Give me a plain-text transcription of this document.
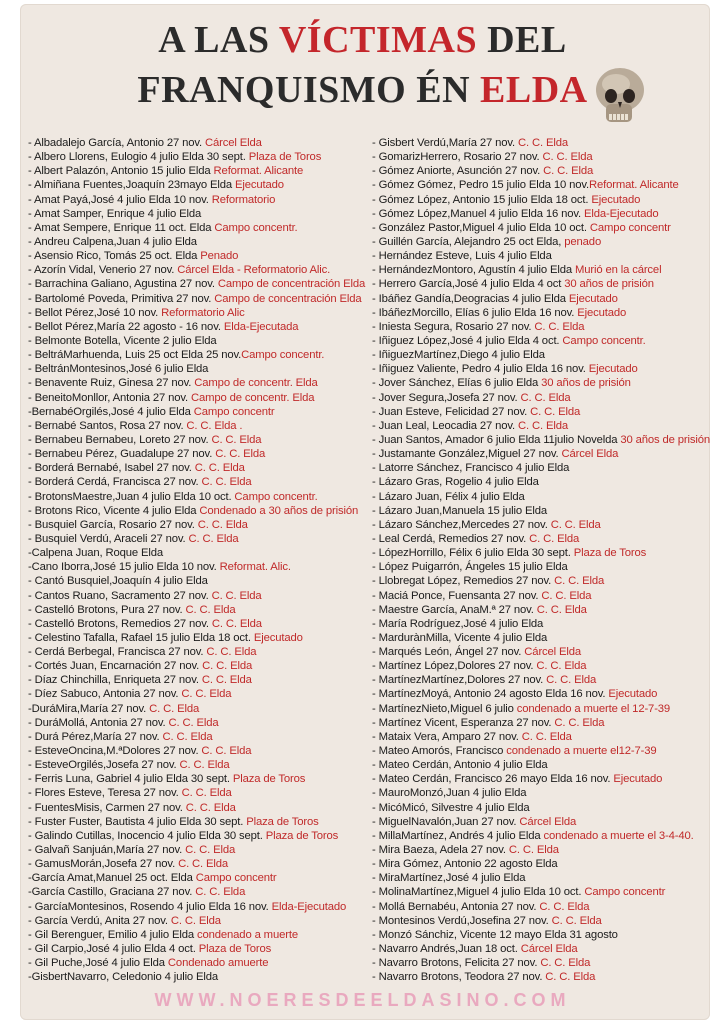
A LAS VÍCTIMAS DEL
FRANQUISMO ÉN ELDA
- Albadalejo García, Antonio 27 nov. Cárcel Elda
- Albero Llorens, Eulogio 4 julio Elda 30 sept. Plaza de Toros
- Albert Palazón, Antonio 15 julio Elda Reformat. Alicante
- Almiñana Fuentes,Joaquín 23mayo Elda Ejecutado
- Amat Payá,José 4 julio Elda 10 nov. Reformatorio
- Amat Samper, Enrique 4 julio Elda
- Amat Sempere, Enrique 11 oct. Elda Campo concentr.
- Andreu Calpena,Juan 4 julio Elda
- Asensio Rico, Tomás 25 oct. Elda Penado
- Azorín Vidal, Venerio 27 nov. Cárcel Elda - Reformatorio Alic.
- Barrachina Galiano, Agustina 27 nov. Campo de concentración Elda
- Bartolomé Poveda, Primitiva 27 nov. Campo de concentración Elda
- Bellot Pérez,José 10 nov. Reformatorio Alic
- Bellot Pérez,María 22 agosto - 16 nov. Elda-Ejecutada
- Belmonte Botella, Vicente 2 julio Elda
- BeltráMarhuenda, Luis 25 oct Elda 25 nov.Campo concentr.
- BeltránMontesinos,José 6 julio Elda
- Benavente Ruiz, Ginesa 27 nov. Campo de concentr. Elda
- BeneitoMonllor, Antonia 27 nov. Campo de concentr. Elda
-BernabéOrgilés,José 4 julio Elda Campo concentr
- Bernabé Santos, Rosa 27 nov. C. C. Elda .
- Bernabeu Bernabeu, Loreto 27 nov. C. C. Elda
- Bernabeu Pérez, Guadalupe 27 nov. C. C. Elda
- Borderá Bernabé, Isabel 27 nov. C. C. Elda
- Borderá Cerdá, Francisca 27 nov. C. C. Elda
- BrotonsMaestre,Juan 4 julio Elda 10 oct. Campo concentr.
- Brotons Rico, Vicente 4 julio Elda Condenado a 30 años de prisión
- Busquiel García, Rosario 27 nov. C. C. Elda
- Busquiel Verdú, Araceli 27 nov. C. C. Elda
-Calpena Juan, Roque Elda
-Cano Iborra,José 15 julio Elda 10 nov. Reformat. Alic.
- Cantó Busquiel,Joaquín 4 julio Elda
- Cantos Ruano, Sacramento 27 nov. C. C. Elda
- Castelló Brotons, Pura 27 nov. C. C. Elda
- Castelló Brotons, Remedios 27 nov. C. C. Elda
- Celestino Tafalla, Rafael 15 julio Elda 18 oct. Ejecutado
- Cerdá Berbegal, Francisca 27 nov. C. C. Elda
- Cortés Juan, Encarnación 27 nov. C. C. Elda
- Díaz Chinchilla, Enriqueta 27 nov. C. C. Elda
- Díez Sabuco, Antonia 27 nov. C. C. Elda
-DuráMira,María 27 nov. C. C. Elda
- DuráMollá, Antonia 27 nov. C. C. Elda
- Durá Pérez,María 27 nov. C. C. Elda
- EsteveOncina,M.ªDolores 27 nov. C. C. Elda
- EsteveOrgilés,Josefa 27 nov. C. C. Elda
- Ferris Luna, Gabriel 4 julio Elda 30 sept. Plaza de Toros
- Flores Esteve, Teresa 27 nov. C. C. Elda
- FuentesMisis, Carmen 27 nov. C. C. Elda
- Fuster Fuster, Bautista 4 julio Elda 30 sept. Plaza de Toros
- Galindo Cutillas, Inocencio 4 julio Elda 30 sept. Plaza de Toros
- Galvañ Sanjuán,María 27 nov. C. C. Elda
- GamusMorán,Josefa 27 nov. C. C. Elda
-García Amat,Manuel 25 oct. Elda Campo concentr
-García Castillo, Graciana 27 nov. C. C. Elda
- GarcíaMontesinos, Rosendo 4 julio Elda 16 nov. Elda-Ejecutado
- García Verdú, Anita 27 nov. C. C. Elda
- Gil Berenguer, Emilio 4 julio Elda condenado a muerte
- Gil Carpio,José 4 julio Elda 4 oct. Plaza de Toros
- Gil Puche,José 4 julio Elda Condenado amuerte
-GisbertNavarro, Celedonio 4 julio Elda
- Gisbert Verdú,María 27 nov. C. C. Elda
- GomarizHerrero, Rosario 27 nov. C. C. Elda
- Gómez Aniorte, Asunción 27 nov. C. C. Elda
- Gómez Gómez, Pedro 15 julio Elda 10 nov.Reformat. Alicante
- Gómez López, Antonio 15 julio Elda 18 oct. Ejecutado
- Gómez López,Manuel 4 julio Elda 16 nov. Elda-Ejecutado
- González Pastor,Miguel 4 julio Elda 10 oct. Campo concentr
- Guillén García, Alejandro 25 oct Elda, penado
- Hernández Esteve, Luis 4 julio Elda
- HernándezMontoro, Agustín 4 julio Elda Murió en la cárcel
- Herrero García,José 4 julio Elda 4 oct 30 años de prisión
- Ibáñez Gandía,Deogracias 4 julio Elda Ejecutado
- IbáñezMorcillo, Elías 6 julio Elda 16 nov. Ejecutado
- Iniesta Segura, Rosario 27 nov. C. C. Elda
- Iñiguez López,José 4 julio Elda 4 oct. Campo concentr.
- IñiguezMartínez,Diego 4 julio Elda
- Iñiguez Valiente, Pedro 4 julio Elda 16 nov. Ejecutado
- Jover Sánchez, Elías 6 julio Elda 30 años de prisión
- Jover Segura,Josefa 27 nov. C. C. Elda
- Juan Esteve, Felicidad 27 nov. C. C. Elda
- Juan Leal, Leocadia 27 nov. C. C. Elda
- Juan Santos, Amador 6 julio Elda 11julio Novelda 30 años de prisión
- Justamante González,Miguel 27 nov. Cárcel Elda
- Latorre Sánchez, Francisco 4 julio Elda
- Lázaro Gras, Rogelio 4 julio Elda
- Lázaro Juan, Félix 4 julio Elda
- Lázaro Juan,Manuela 15 julio Elda
- Lázaro Sánchez,Mercedes 27 nov. C. C. Elda
- Leal Cerdá, Remedios 27 nov. C. C. Elda
- LópezHorrillo, Félix 6 julio Elda 30 sept. Plaza de Toros
- López Puigarrón, Ángeles 15 julio Elda
- Llobregat López, Remedios 27 nov. C. C. Elda
- Maciá Ponce, Fuensanta 27 nov. C. C. Elda
- Maestre García, AnaM.ª 27 nov. C. C. Elda
- María Rodríguez,José 4 julio Elda
- MardurànMilla, Vicente 4 julio Elda
- Marqués León, Ángel 27 nov. Cárcel Elda
- Martínez López,Dolores 27 nov. C. C. Elda
- MartínezMartínez,Dolores 27 nov. C. C. Elda
- MartínezMoyá, Antonio 24 agosto Elda 16 nov. Ejecutado
- MartínezNieto,Miguel 6 julio condenado a muerte el 12-7-39
- Martínez Vicent, Esperanza 27 nov. C. C. Elda
- Mataix Vera, Amparo 27 nov. C. C. Elda
- Mateo Amorós, Francisco condenado a muerte el12-7-39
- Mateo Cerdán, Antonio 4 julio Elda
- Mateo Cerdán, Francisco 26 mayo Elda 16 nov. Ejecutado
- MauroMonzó,Juan 4 julio Elda
- MicóMicó, Silvestre 4 julio Elda
- MiguelNavalón,Juan 27 nov. Cárcel Elda
- MillaMartínez, Andrés 4 julio Elda condenado a muerte el 3-4-40.
- Mira Baeza, Adela 27 nov. C. C. Elda
- Mira Gómez, Antonio 22 agosto Elda
- MiraMartínez,José 4 julio Elda
- MolinaMartínez,Miguel 4 julio Elda 10 oct. Campo concentr
- Mollá Bernabéu, Antonia 27 nov. C. C. Elda
- Montesinos Verdú,Josefina 27 nov. C. C. Elda
- Monzó Sánchiz, Vicente 12 mayo Elda 31 agosto
- Navarro Andrés,Juan 18 oct. Cárcel Elda
- Navarro Brotons, Felicita 27 nov. C. C. Elda
- Navarro Brotons, Teodora 27 nov. C. C. Elda
WWW.NOERESDEELDASINO.COM
